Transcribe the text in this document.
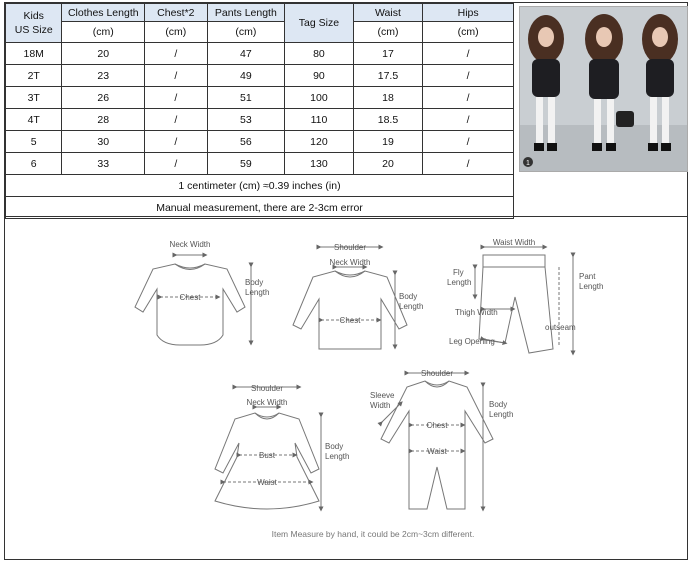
Kids
US Size	Clothes Length	Chest*2	Pants Length	Tag Size	Waist	Hips
	(cm)	(cm)	(cm)		(cm)	(cm)
18M	20	/	47	80	17	/
2T	23	/	49	90	17.5	/
3T	26	/	51	100	18	/
4T	28	/	53	110	18.5	/
5	30	/	56	120	19	/
6	33	/	59	130	20	/
1 centimeter (cm) ≈0.39 inches (in)						
Manual measurement, there are 2-3cm error						
1
Neck Width
Chest
Body
Length
Shoulder
Neck Width
Chest
Body
Length
Waist Width
Fly
Length
Thigh Width
Pant
Length
outseam
Leg Opening
Shoulder
Neck Width
Bust
Waist
Body
Length
Shoulder
Sleeve
Width
Chest
Waist
Body
Length
Item Measure by hand, it could be 2cm~3cm different.
